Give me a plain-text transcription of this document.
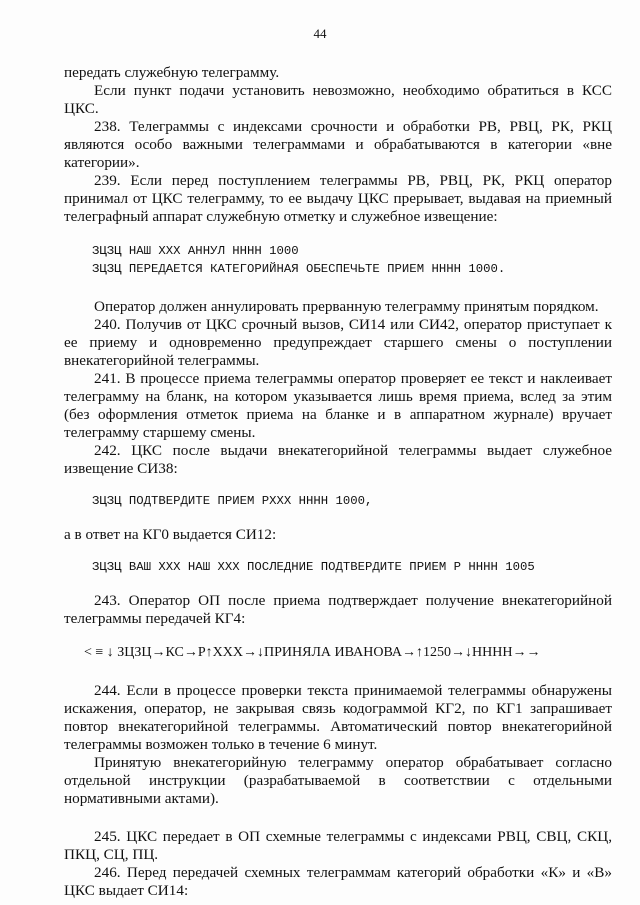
44

передать служебную телеграмму.

Если пункт подачи установить невозможно, необходимо обратиться в КСС ЦКС.

238. Телеграммы с индексами срочности и обработки РВ, РВЦ, РК, РКЦ являются особо важными телеграммами и обрабатываются в категории «вне категории».

239. Если перед поступлением телеграммы РВ, РВЦ, РК, РКЦ оператор принимал от ЦКС телеграмму, то ее выдачу ЦКС прерывает, выдавая на приемный телеграфный аппарат служебную отметку и служебное извещение:

ЗЦЗЦ НАШ ХХХ АННУЛ НННН 1000
ЗЦЗЦ ПЕРЕДАЕТСЯ КАТЕГОРИЙНАЯ ОБЕСПЕЧЬТЕ ПРИЕМ НННН 1000.

Оператор должен аннулировать прерванную телеграмму принятым порядком.

240. Получив от ЦКС срочный вызов, СИ14 или СИ42, оператор приступает к ее приему и одновременно предупреждает старшего смены о поступлении внекатегорийной телеграммы.

241. В процессе приема телеграммы оператор проверяет ее текст и наклеивает телеграмму на бланк, на котором указывается лишь время приема, вслед за этим (без оформления отметок приема на бланке и в аппаратном журнале) вручает телеграмму старшему смены.

242. ЦКС после выдачи внекатегорийной телеграммы выдает служебное извещение СИ38:

ЗЦЗЦ ПОДТВЕРДИТЕ ПРИЕМ РХХХ НННН 1000,

а в ответ на КГ0 выдается СИ12:

ЗЦЗЦ ВАШ ХХХ НАШ ХХХ ПОСЛЕДНИЕ ПОДТВЕРДИТЕ ПРИЕМ Р НННН 1005

243. Оператор ОП после приема подтверждает получение внекатегорийной телеграммы передачей КГ4:

< ≡ ↓ ЗЦЗЦ→КС→Р↑ХХХ→↓ПРИНЯЛА ИВАНОВА→↑1250→↓НННН→→

244. Если в процессе проверки текста принимаемой телеграммы обнаружены искажения, оператор, не закрывая связь кодограммой КГ2, по КГ1 запрашивает повтор внекатегорийной телеграммы. Автоматический повтор внекатегорийной телеграммы возможен только в течение 6 минут.

Принятую внекатегорийную телеграмму оператор обрабатывает согласно отдельной инструкции (разрабатываемой в соответствии с отдельными нормативными актами).

245. ЦКС передает в ОП схемные телеграммы с индексами РВЦ, СВЦ, СКЦ, ПКЦ, СЦ, ПЦ.

246. Перед передачей схемных телеграммам категорий обработки «К» и «В» ЦКС выдает СИ14:
